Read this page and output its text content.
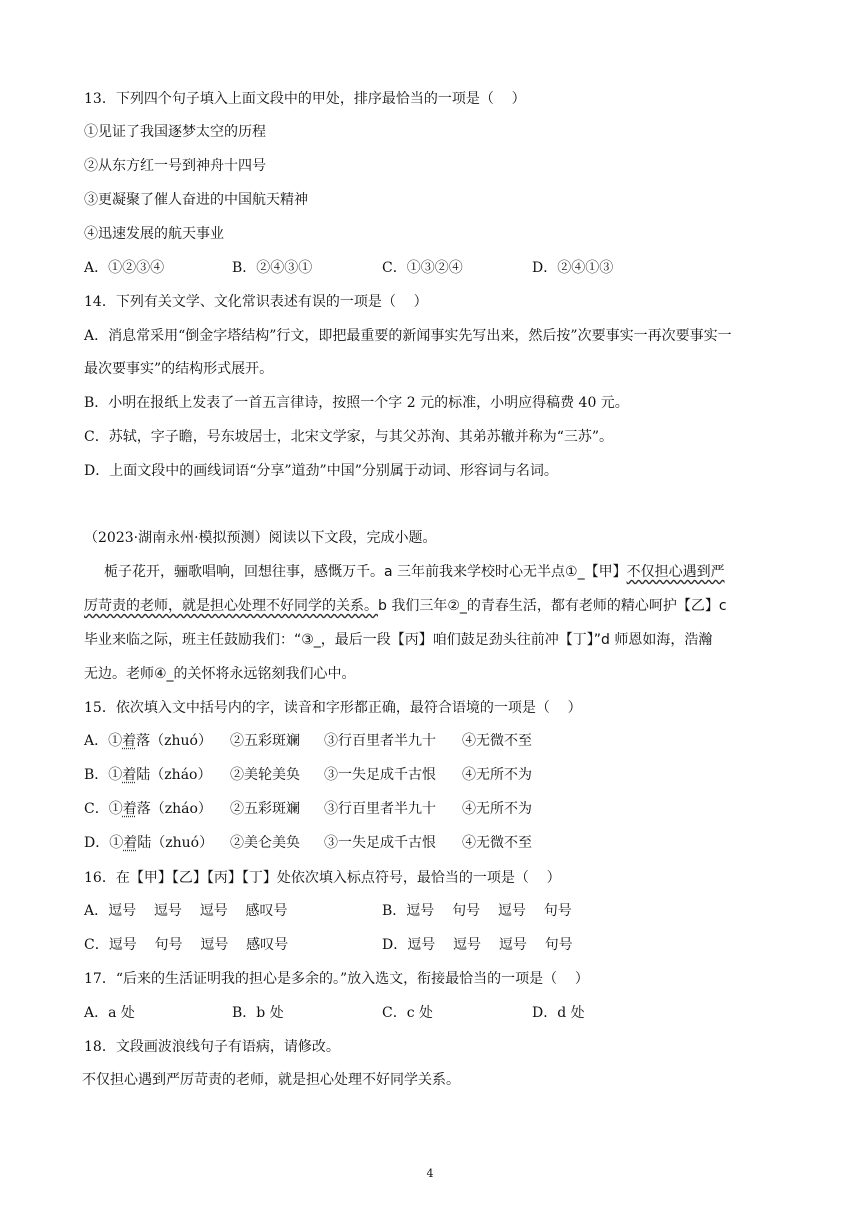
13．下列四个句子填入上面文段中的甲处，排序最恰当的一项是（    ）
①见证了我国逐梦太空的历程
②从东方红一号到神舟十四号
③更凝聚了催人奋进的中国航天精神
④迅速发展的航天事业
A．①②③④	B．②④③①	C．①③②④	D．②④①③
14．下列有关文学、文化常识表述有误的一项是（    ）
A．消息常采用“倒金字塔结构”行文，即把最重要的新闻事实先写出来，然后按”次要事实一再次要事实一
最次要事实”的结构形式展开。
B．小明在报纸上发表了一首五言律诗，按照一个字 2 元的标准，小明应得稿费 40 元。
C．苏轼，字子瞻，号东坡居士，北宋文学家，与其父苏洵、其弟苏辙并称为“三苏”。
D．上面文段中的画线词语“分享”道劲”中国”分别属于动词、形容词与名词。
（2023·湖南永州·模拟预测）阅读以下文段，完成小题。
栀子花开，骊歌唱响，回想往事，感慨万千。a 三年前我来学校时心无半点①_【甲】不仅担心遇到严
厉苛责的老师，就是担心处理不好同学的关系。b 我们三年②_的青春生活，都有老师的精心呵护【乙】c
毕业来临之际，班主任鼓励我们：“③_，最后一段【丙】咱们鼓足劲头往前冲【丁】”d 师恩如海，浩瀚
无边。老师④_的关怀将永远铭刻我们心中。
15．依次填入文中括号内的字，读音和字形都正确，最符合语境的一项是（    ）
A．①着落（zhuó） ②五彩斑斓 ③行百里者半九十 ④无微不至
B．①着陆（zháo） ②美轮美奂 ③一失足成千古恨 ④无所不为
C．①着落（zháo） ②五彩斑斓 ③行百里者半九十 ④无所不为
D．①着陆（zhuó） ②美仑美奂 ③一失足成千古恨 ④无微不至
16．在【甲】【乙】【丙】【丁】处依次填入标点符号，最恰当的一项是（    ）
A．逗号    逗号    逗号    感叹号	B．逗号    句号    逗号    句号
C．逗号    句号    逗号    感叹号	D．逗号    逗号    逗号    句号
17．“后来的生活证明我的担心是多余的。”放入选文，衔接最恰当的一项是（    ）
A．a 处	B．b 处	C．c 处	D．d 处
18．文段画波浪线句子有语病，请修改。
不仅担心遇到严厉苛责的老师，就是担心处理不好同学关系。
4
